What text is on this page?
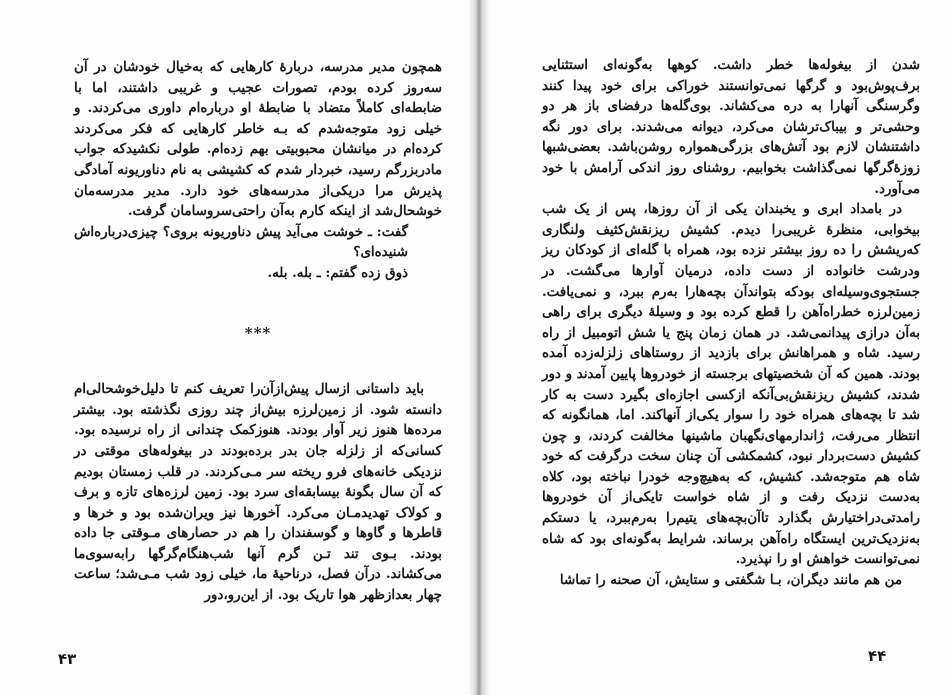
همچون مدیر مدرسه، دربارهٔ کارهایی که به‌خیال خودشان در آن سه‌روز کرده بودم، تصورات عجیب و غریبی داشتند، اما با ضابطه‌ای کاملاً متضاد با ضابطهٔ او درباره‌ام داوری می‌کردند. و خیلی زود متوجه‌شدم که بـه خاطر کارهایی که فکر می‌کردند کرده‌ام در میانشان محبوبیتی بهم زده‌ام. طولی نکشیدکه جواب مادربزرگم رسید، خبردار شدم که کشیشی به نام دنا‌ور‌یونه آمادگی پذیرش مرا دریکی‌از مدرسه‌های خود دارد. مدیر مدرسه‌مان خوشحال‌شد از اینکه کارم به‌آن راحتی‌سروسامان گرفت.

گفت: ـ خوشت می‌آید پیش دنا‌ور‌یونه بروی؟ چیزی‌درباره‌اش شنیده‌ای؟

ذوق زده گفتم: ـ بله. بله.

***

باید داستانی ازسال پیش‌ازآن‌را تعریف کنم تا دلیل‌خوشحالی‌ام دانسته شود. از زمین‌لرزه بیش‌از چند روزی نگذشته بود. بیشتر مرده‌ها هنوز زیر آوار بودند. هنوزکمک چندانی از راه نرسیده بود. کسانی‌که از زلزله جان بدر برده‌بودند در بیغوله‌های موقتی در نزدیکی خانه‌های فرو ریخته سر مـی‌کردند. در قلب زمستان بودیم که آن سال بگونهٔ بیسابقه‌ای سرد بود. زمین لرزه‌های تازه و برف و کولاک تهدیدمـان می‌کرد. آخورها نیز ویران‌شده بود و خرها و قاطرها و گاوها و گوسفندان را هم در حصارهای مـوقتی جا داده بودند. بـوی تند تـن گرم آنها شب‌هنگام‌گرگها رابه‌سوی‌ما می‌کشاند. درآن فصل، درناحیهٔ ما، خیلی زود شب مـی‌شد؛ ساعت چهار بعدازظهر هوا تاریک بود. از این‌رو،دور

۴۳

شدن از بیغوله‌ها خطر داشت. کوهها به‌گونه‌ای استثنایی برف‌پوش‌بود و گرگها نمی‌توانستند خوراکی برای خود پیدا کنند وگرسنگی آنهارا به دره می‌کشاند. بوی‌گله‌ها درفضای باز هر دو وحشی‌تر و بیباک‌ترشان می‌کرد، دیوانه می‌شدند. برای دور نگه داشتنشان لازم بود آتش‌های بزرگی‌همواره روشن‌باشد. بعضی‌شبها زوزهٔ‌گرگها نمی‌گذاشت بخوابیم. روشنای روز اندکی آرامش با خود می‌آورد.

در بامداد ابری و یخبندان یکی از آن روزها، پس از یک شب بیخوابی، منظرهٔ غریبی‌را دیدم. کشیش ریزنقش‌کثیف ولنگاری که‌ریشش را ده روز بیشتر نزده بود، همراه با گله‌ای از کودکان ریز ودرشت خانواده از دست داده، درمیان آوارها می‌گشت. در جستجوی‌وسیله‌ای بودکه بتواندآن بچه‌هارا به‌رم ببرد، و نمی‌یافت. زمین‌لرزه خط‌راه‌آهن را قطع کرده بود و وسیلهٔ دیگری برای راهی به‌آن درازی پیدانمی‌شد. در همان زمان پنج یا شش اتومبیل از راه رسید. شاه و همراهانش برای بازدید از روستاهای زلزله‌زده آمده بودند. همین که آن شخصیتهای برجسته از خودروها پایین آمدند و دور شدند، کشیش ریزنقش‌بی‌آنکه ازکسی اجازه‌ای بگیرد دست به کار شد تا بچه‌های همراه خود را سوار یکی‌از آنهاکند. اما، همانگونه که انتظار می‌رفت، ژاندارمهای‌نگهبان ماشینها مخالفت کردند، و چون کشیش دست‌بردار نبود، کشمکشی آن چنان سخت درگرفت که خود شاه هم متوجه‌شد. کشیش، که به‌هیچ‌وجه خودرا نباخته بود، کلاه به‌دست نزدیک رفت و از شاه خواست تایکی‌از آن خودروها رامدتی‌دراختیارش بگذارد تاآن‌بچه‌های یتیم‌را به‌رم‌ببرد، یا دستکم به‌نزدیک‌ترین ایستگاه راه‌آهن برساند. شرایط به‌گونه‌ای بود که شاه نمی‌توانست خواهش او را نپذیرد.

من هم مانند دیگران، بـا شگفتی و ستایش، آن صحنه را تماشا

۴۴
